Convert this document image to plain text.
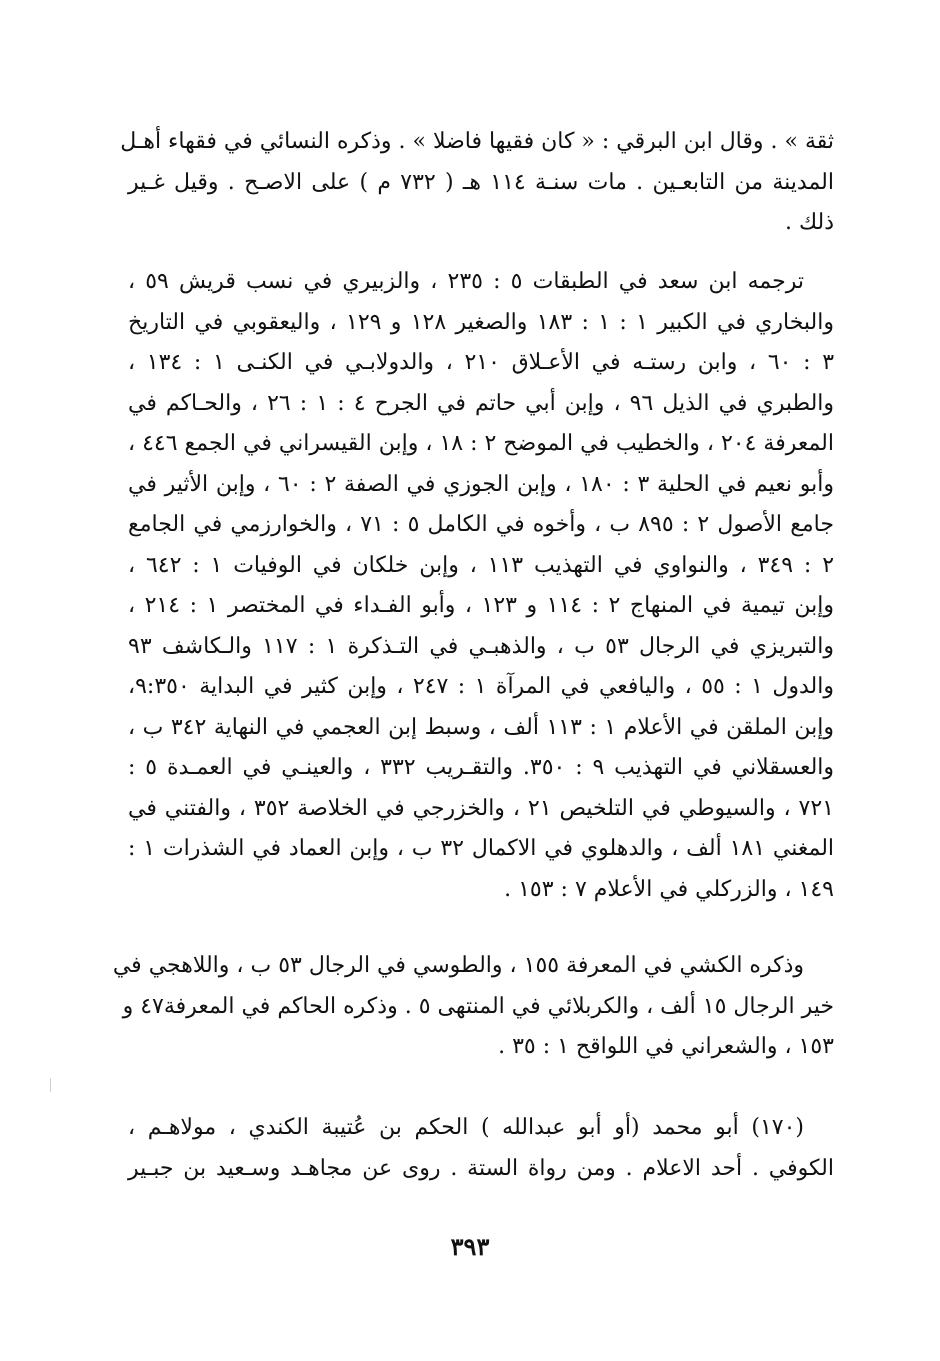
ثقة » . وقال ابن البرقي : « كان فقيها فاضلا » . وذكره النسائي في فقهاء أهـل
المدينة من التابعـين . مات سنـة ١١٤ هـ ( ٧٣٢ م ) على الاصـح . وقيل غـير
ذلك .
ترجمه ابن سعد في الطبقات ٥ : ٢٣٥ ، والزبيري في نسب قريش ٥٩ ،
والبخاري في الكبير ١ : ١ : ١٨٣ والصغير ١٢٨ و ١٢٩ ، واليعقوبي في التاريخ
٣ : ٦٠ ، وابن رستـه في الأعـلاق ٢١٠ ، والدولابـي في الكنـى ١ : ١٣٤ ،
والطبري في الذيل ٩٦ ، وإبن أبي حاتم في الجرح ٤ : ١ : ٢٦ ، والحـاكم في
المعرفة ٢٠٤ ، والخطيب في الموضح ٢ : ١٨ ، وإبن القيسراني في الجمع ٤٤٦ ،
وأبو نعيم في الحلية ٣ : ١٨٠ ، وإبن الجوزي في الصفة ٢ : ٦٠ ، وإبن الأثير في
جامع الأصول ٢ : ٨٩٥ ب ، وأخوه في الكامل ٥ : ٧١ ، والخوارزمي في الجامع
٢ : ٣٤٩ ، والنواوي في التهذيب ١١٣ ، وإبن خلكان في الوفيات ١ : ٦٤٢ ،
وإبن تيمية في المنهاج ٢ : ١١٤ و ١٢٣ ، وأبو الفـداء في المختصر ١ : ٢١٤ ،
والتبريزي في الرجال ٥٣ ب ، والذهبـي في التـذكرة ١ : ١١٧ والـكاشف ٩٣
والدول ١ : ٥٥ ، واليافعي في المرآة ١ : ٢٤٧ ، وإبن كثير في البداية ٩:٣٥٠،
وإبن الملقن في الأعلام ١ : ١١٣ ألف ، وسبط إبن العجمي في النهاية ٣٤٢ ب ،
والعسقلاني في التهذيب ٩ : ٣٥٠. والتقـريب ٣٣٢ ، والعينـي في العمـدة ٥ :
٧٢١ ، والسيوطي في التلخيص ٢١ ، والخزرجي في الخلاصة ٣٥٢ ، والفتني في
المغني ١٨١ ألف ، والدهلوي في الاكمال ٣٢ ب ، وإبن العماد في الشذرات ١ :
١٤٩ ، والزركلي في الأعلام ٧ : ١٥٣ .
وذكره الكشي في المعرفة ١٥٥ ، والطوسي في الرجال ٥٣ ب ، واللاهجي في
خير الرجال ١٥ ألف ، والكربلائي في المنتهى ٥ . وذكره الحاكم في المعرفة٤٧ و
١٥٣ ، والشعراني في اللواقح ١ : ٣٥ .
(١٧٠) أبو محمد (أو أبو عبدالله ) الحكم بن عُتيبة الكندي ، مولاهـم ،
الكوفي . أحد الاعلام . ومن رواة الستة . روى عن مجاهـد وسـعيد بن جبـير
٣٩٣
